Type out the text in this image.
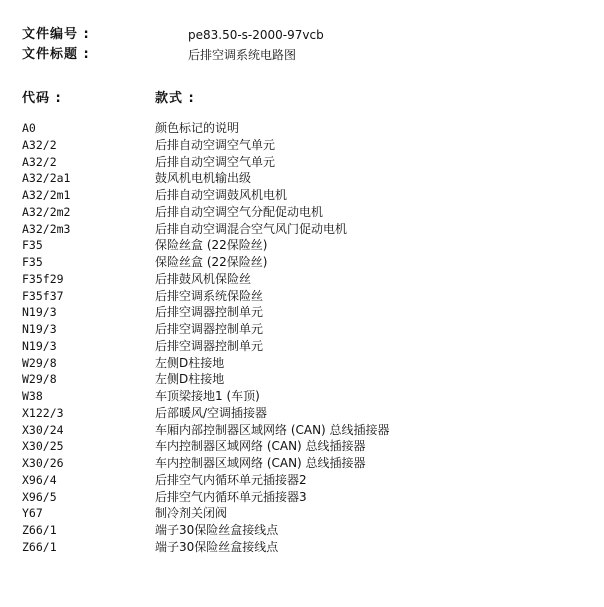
文件编号 :	pe83.50-s-2000-97vcb
文件标题 :	后排空调系统电路图
代码 :	款式 :
A0	颜色标记的说明
A32/2	后排自动空调空气单元
A32/2	后排自动空调空气单元
A32/2a1	鼓风机电机输出级
A32/2m1	后排自动空调鼓风机电机
A32/2m2	后排自动空调空气分配促动电机
A32/2m3	后排自动空调混合空气风门促动电机
F35	保险丝盒 (22保险丝)
F35	保险丝盒 (22保险丝)
F35f29	后排鼓风机保险丝
F35f37	后排空调系统保险丝
N19/3	后排空调器控制单元
N19/3	后排空调器控制单元
N19/3	后排空调器控制单元
W29/8	左侧D柱接地
W29/8	左侧D柱接地
W38	车顶梁接地1 (车顶)
X122/3	后部暖风/空调插接器
X30/24	车厢内部控制器区域网络 (CAN) 总线插接器
X30/25	车内控制器区域网络 (CAN) 总线插接器
X30/26	车内控制器区域网络 (CAN) 总线插接器
X96/4	后排空气内循环单元插接器2
X96/5	后排空气内循环单元插接器3
Y67	制冷剂关闭阀
Z66/1	端子30保险丝盒接线点
Z66/1	端子30保险丝盒接线点
